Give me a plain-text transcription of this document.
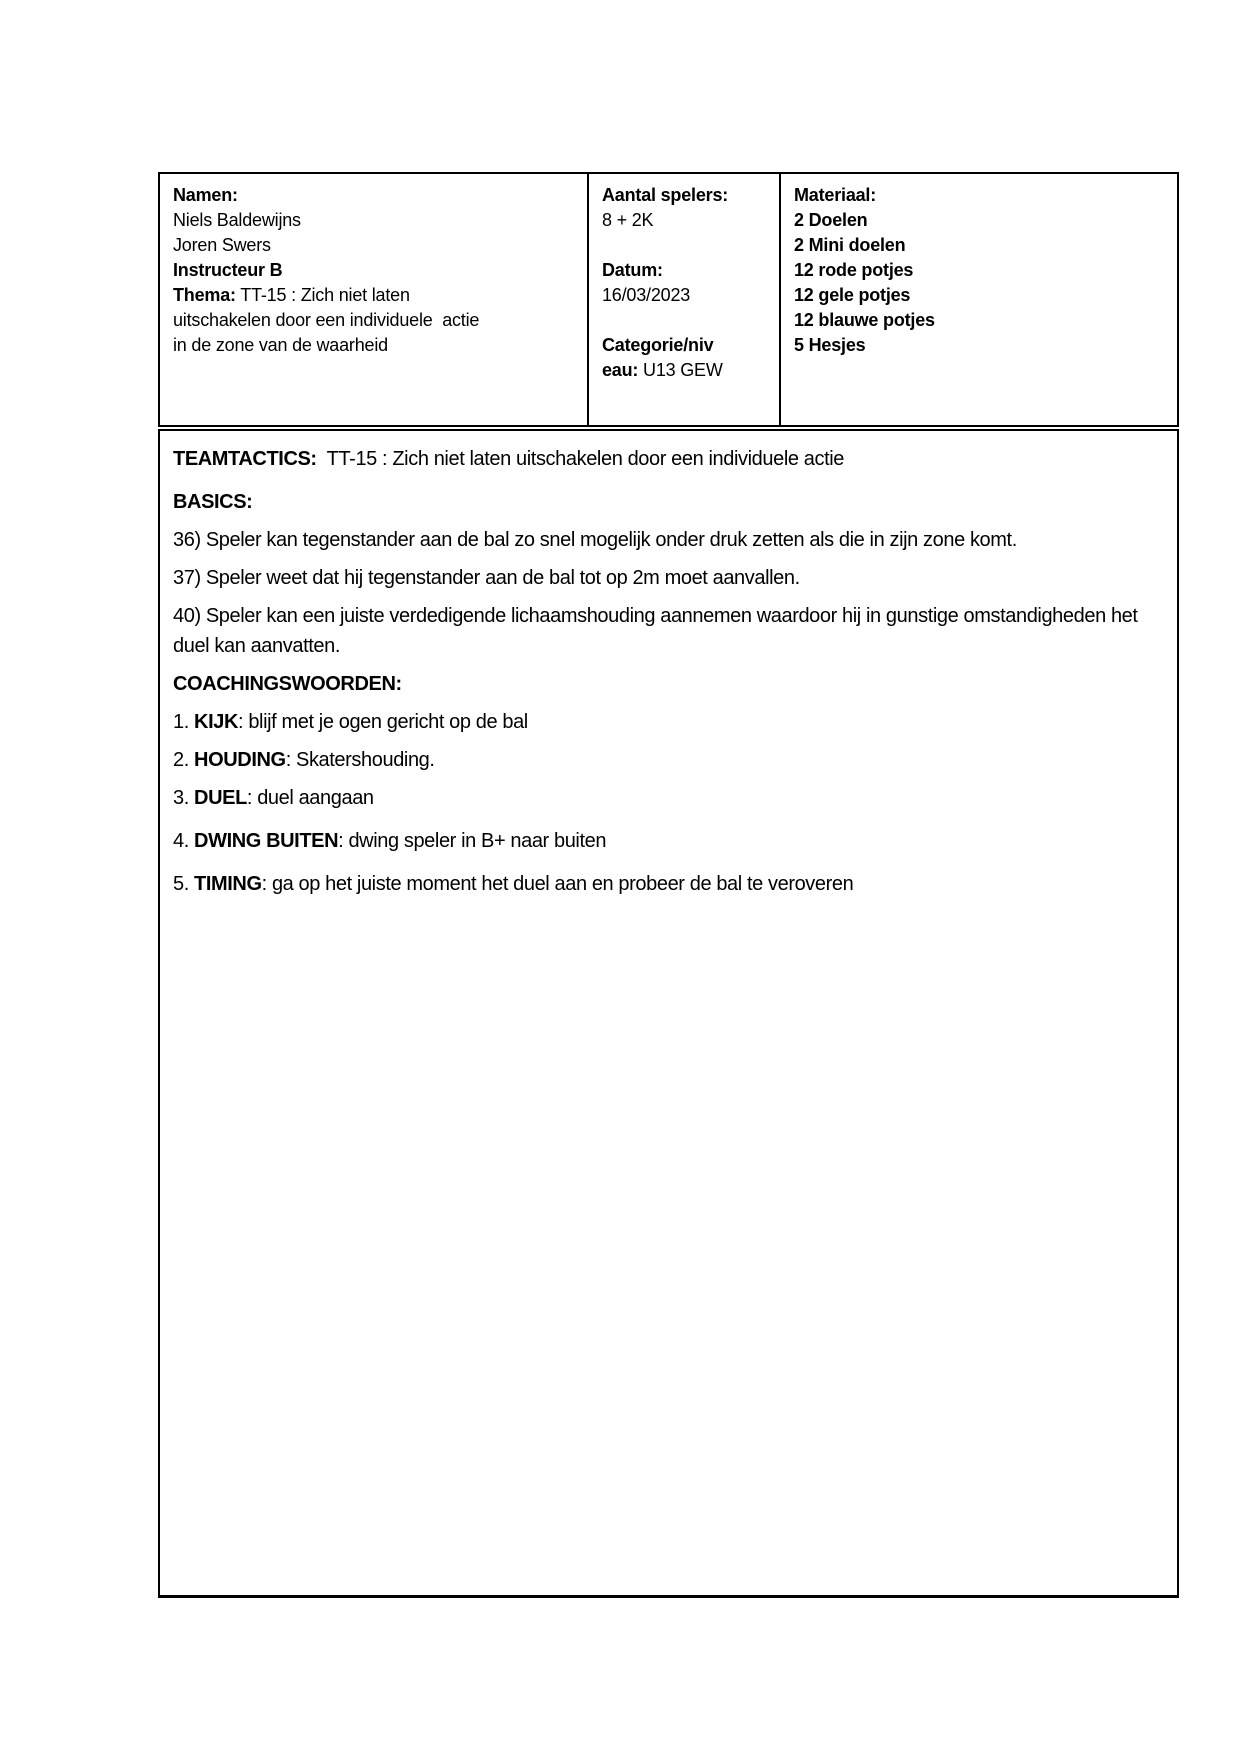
Namen:
Niels Baldewijns
Joren Swers
Instructeur B
Thema: TT-15 : Zich niet laten
uitschakelen door een individuele  actie
in de zone van de waarheid
Aantal spelers:
8 + 2K

Datum:
16/03/2023

Categorie/niv
eau: U13 GEW
Materiaal:
2 Doelen
2 Mini doelen
12 rode potjes
12 gele potjes
12 blauwe potjes
5 Hesjes

TEAMTACTICS:  TT-15 : Zich niet laten uitschakelen door een individuele actie

BASICS:

36) Speler kan tegenstander aan de bal zo snel mogelijk onder druk zetten als die in zijn zone komt.

37) Speler weet dat hij tegenstander aan de bal tot op 2m moet aanvallen.

40) Speler kan een juiste verdedigende lichaamshouding aannemen waardoor hij in gunstige omstandigheden het
duel kan aanvatten.

COACHINGSWOORDEN:

1. KIJK: blijf met je ogen gericht op de bal

2. HOUDING: Skatershouding.

3. DUEL: duel aangaan

4. DWING BUITEN: dwing speler in B+ naar buiten

5. TIMING: ga op het juiste moment het duel aan en probeer de bal te veroveren
